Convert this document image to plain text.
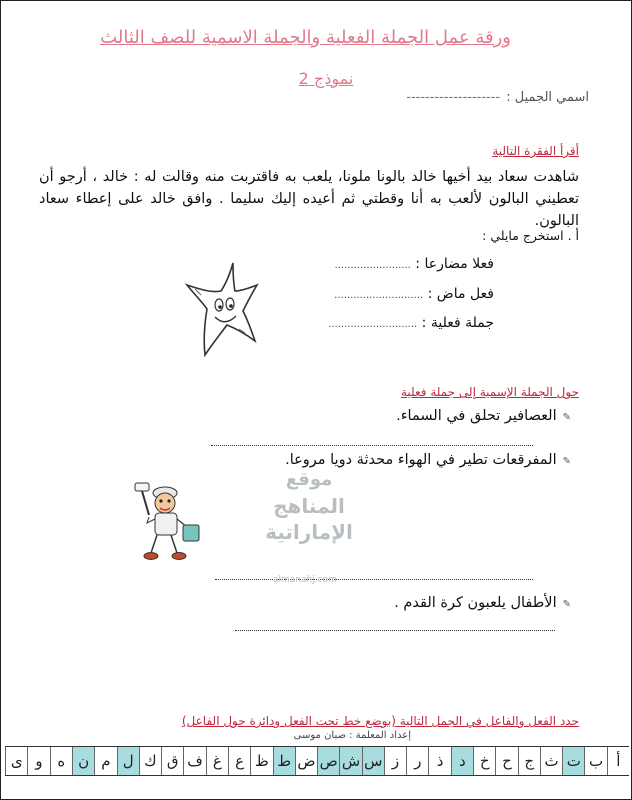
ورقة عمل الجملة الفعلية والجملة الاسمية للصف الثالث
نموذج 2
اسمي الجميل : --------------------
أقرأ الفقرة التالية
شاهدت سعاد بيد أخيها خالد بالونا ملونا، يلعب به فاقتربت منه وقالت له : خالد ، أرجو أن تعطيني البالون لألعب به أنا وقطتي ثم أعيده إليك سليما . وافق خالد على إعطاء سعاد البالون.
أ . استخرج مايلي :
فعلا مضارعا : ........................
فعل ماض : ............................
جملة فعلية : ............................
حول الجملة الإسمية إلى جملة فعلية
✎العصافير تحلق في السماء.
✎المفرقعات تطير في الهواء محدثة دويا مروعا.
موقع
المناهج الإماراتية
almanahj.com
✎الأطفال يلعبون كرة القدم .
حدد الفعل والفاعل في الجمل التالية (بوضع خط تحت الفعل ودائرة حول الفاعل)
إعداد المعلمة : صبان موسى
أ
ب
ت
ث
ج
ح
خ
د
ذ
ر
ز
س
ش
ص
ض
ط
ظ
ع
غ
ف
ق
ك
ل
م
ن
ه
و
ى
